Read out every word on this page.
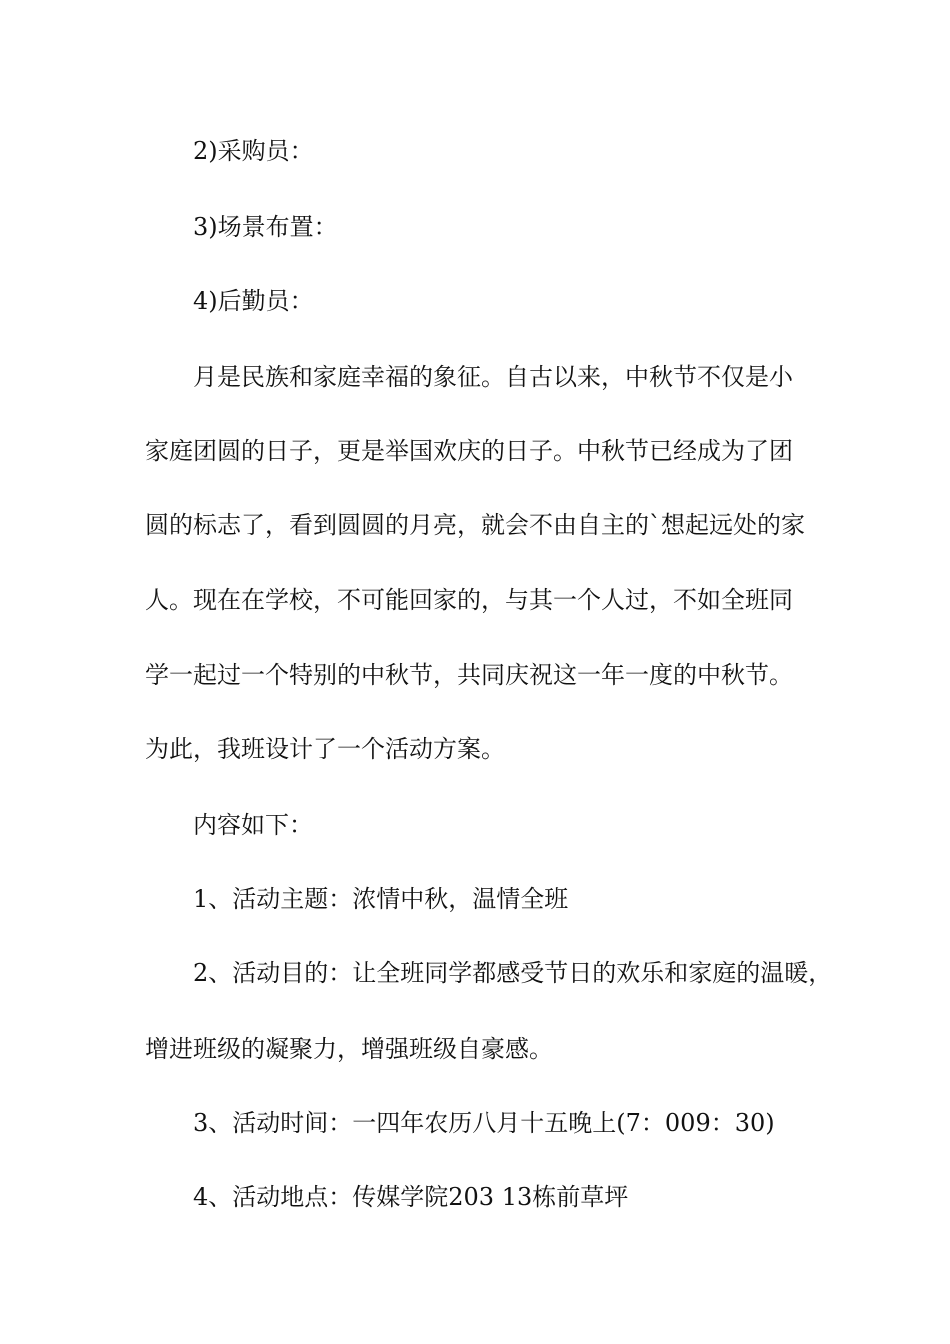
2)采购员：
3)场景布置：
4)后勤员：
月是民族和家庭幸福的象征。自古以来，中秋节不仅是小
家庭团圆的日子，更是举国欢庆的日子。中秋节已经成为了团
圆的标志了，看到圆圆的月亮，就会不由自主的`想起远处的家
人。现在在学校，不可能回家的，与其一个人过，不如全班同
学一起过一个特别的中秋节，共同庆祝这一年一度的中秋节。
为此，我班设计了一个活动方案。
内容如下：
1、活动主题：浓情中秋，温情全班
2、活动目的：让全班同学都感受节日的欢乐和家庭的温暖，
增进班级的凝聚力，增强班级自豪感。
3、活动时间：一四年农历八月十五晚上(7：009：30)
4、活动地点：传媒学院203 13栋前草坪
